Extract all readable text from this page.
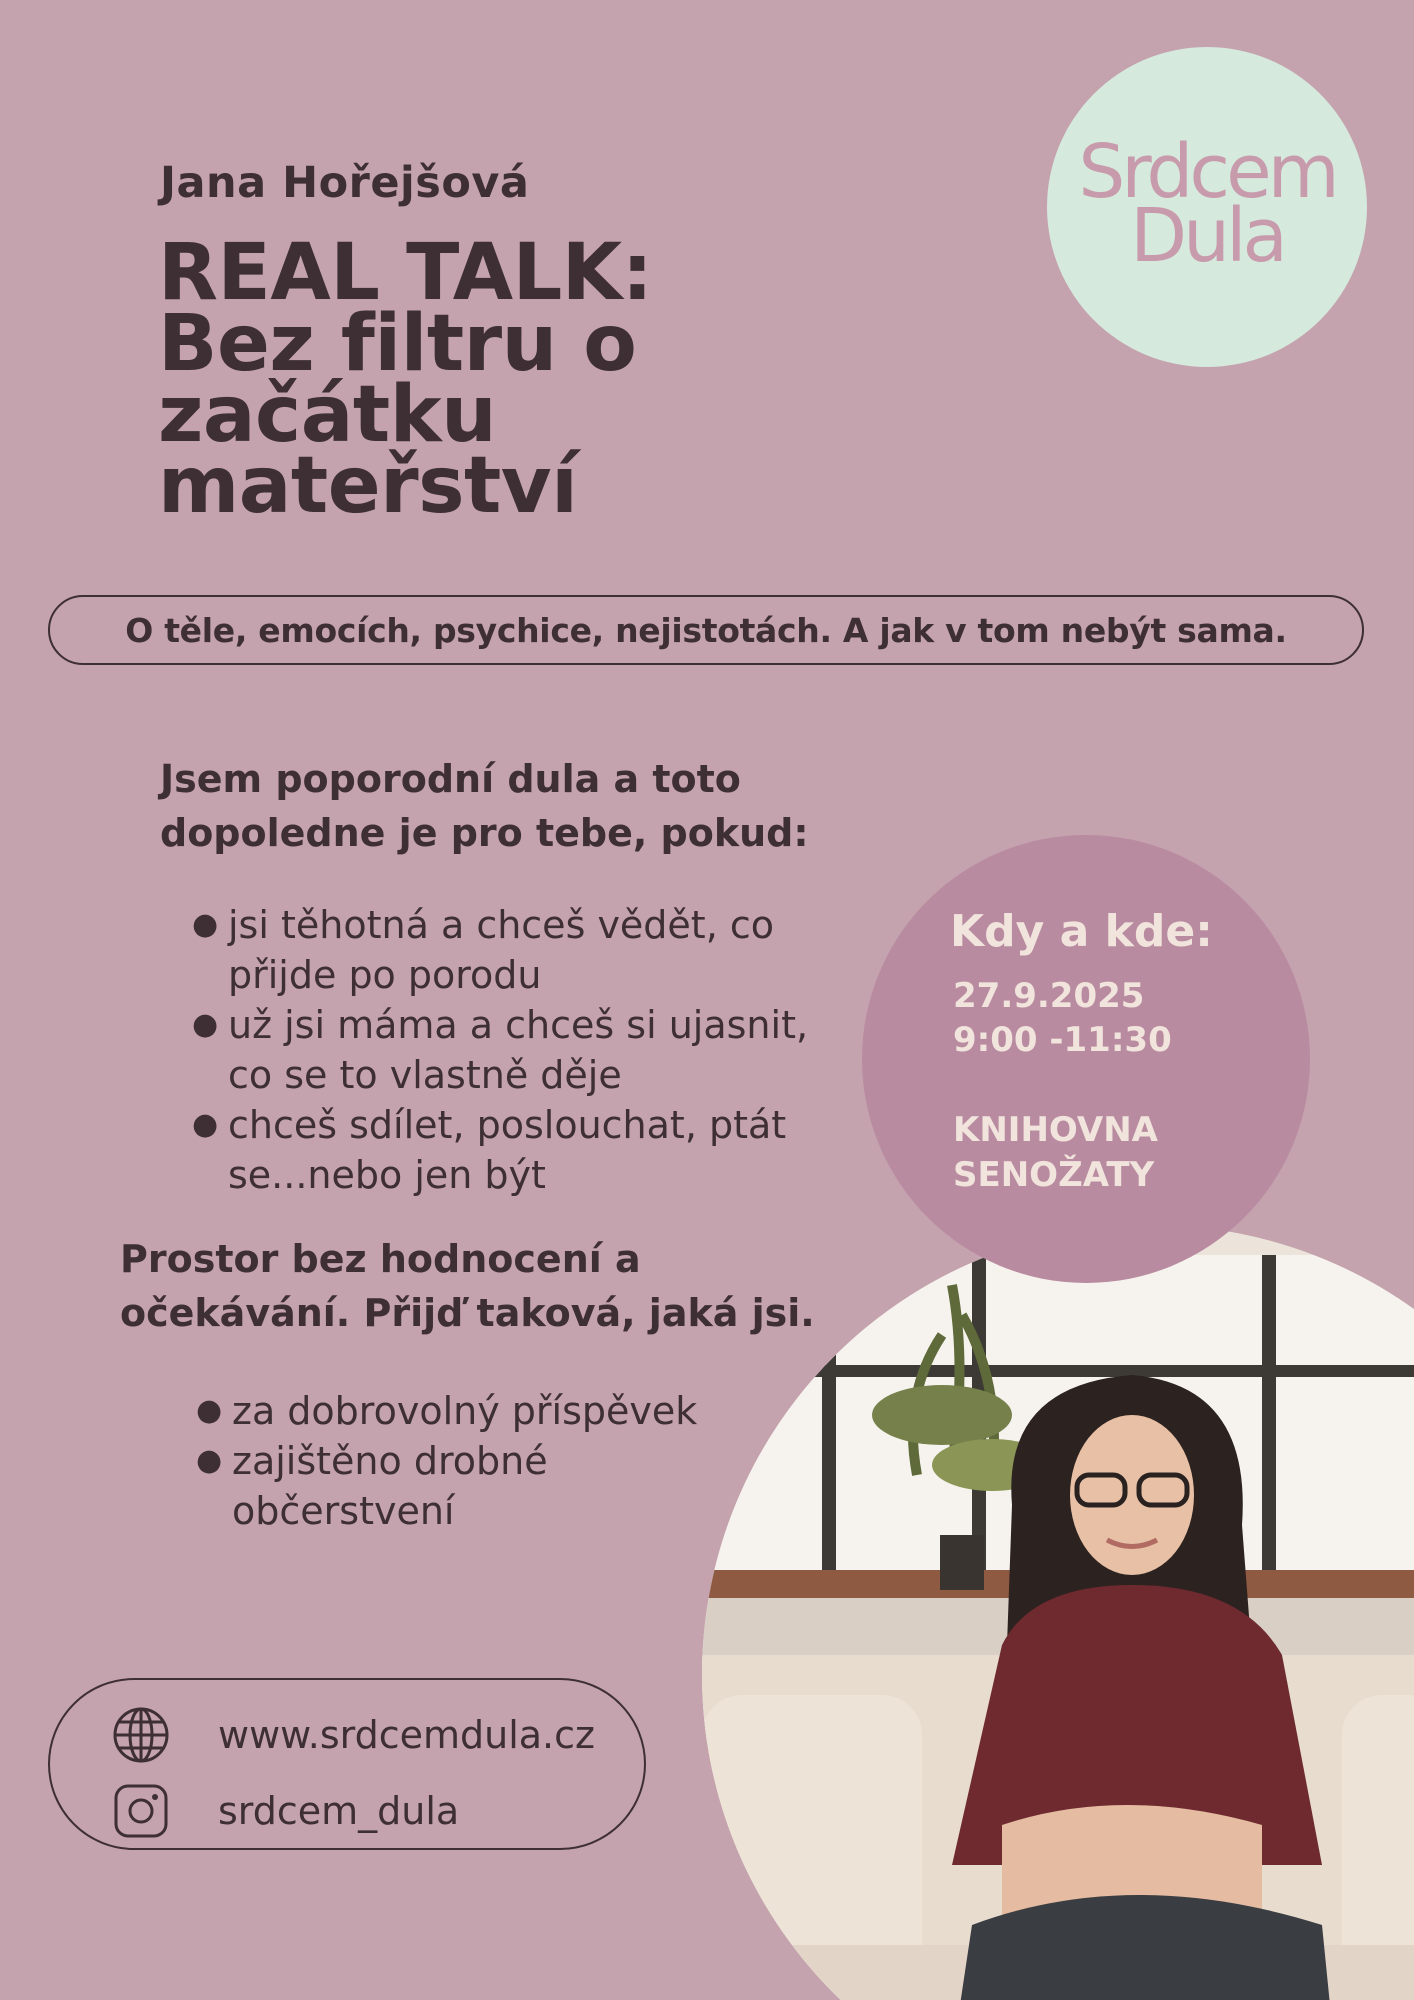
Jana Hořejšová
REAL TALK:
Bez filtru o
začátku
mateřství
Srdcem
Dula
O těle, emocích, psychice, nejistotách. A jak v tom nebýt sama.
Jsem poporodní dula a toto
dopoledne je pro tebe, pokud:
● jsi těhotná a chceš vědět, co
přijde po porodu
● už jsi máma a chceš si ujasnit,
co se to vlastně děje
● chceš sdílet, poslouchat, ptát
se...nebo jen být
Prostor bez hodnocení a
očekávání. Přijď taková, jaká jsi.
● za dobrovolný příspěvek
● zajištěno drobné
občerstvení
Kdy a kde:
27.9.2025
9:00 -11:30
KNIHOVNA
SENOŽATY
www.srdcemdula.cz
srdcem_dula
